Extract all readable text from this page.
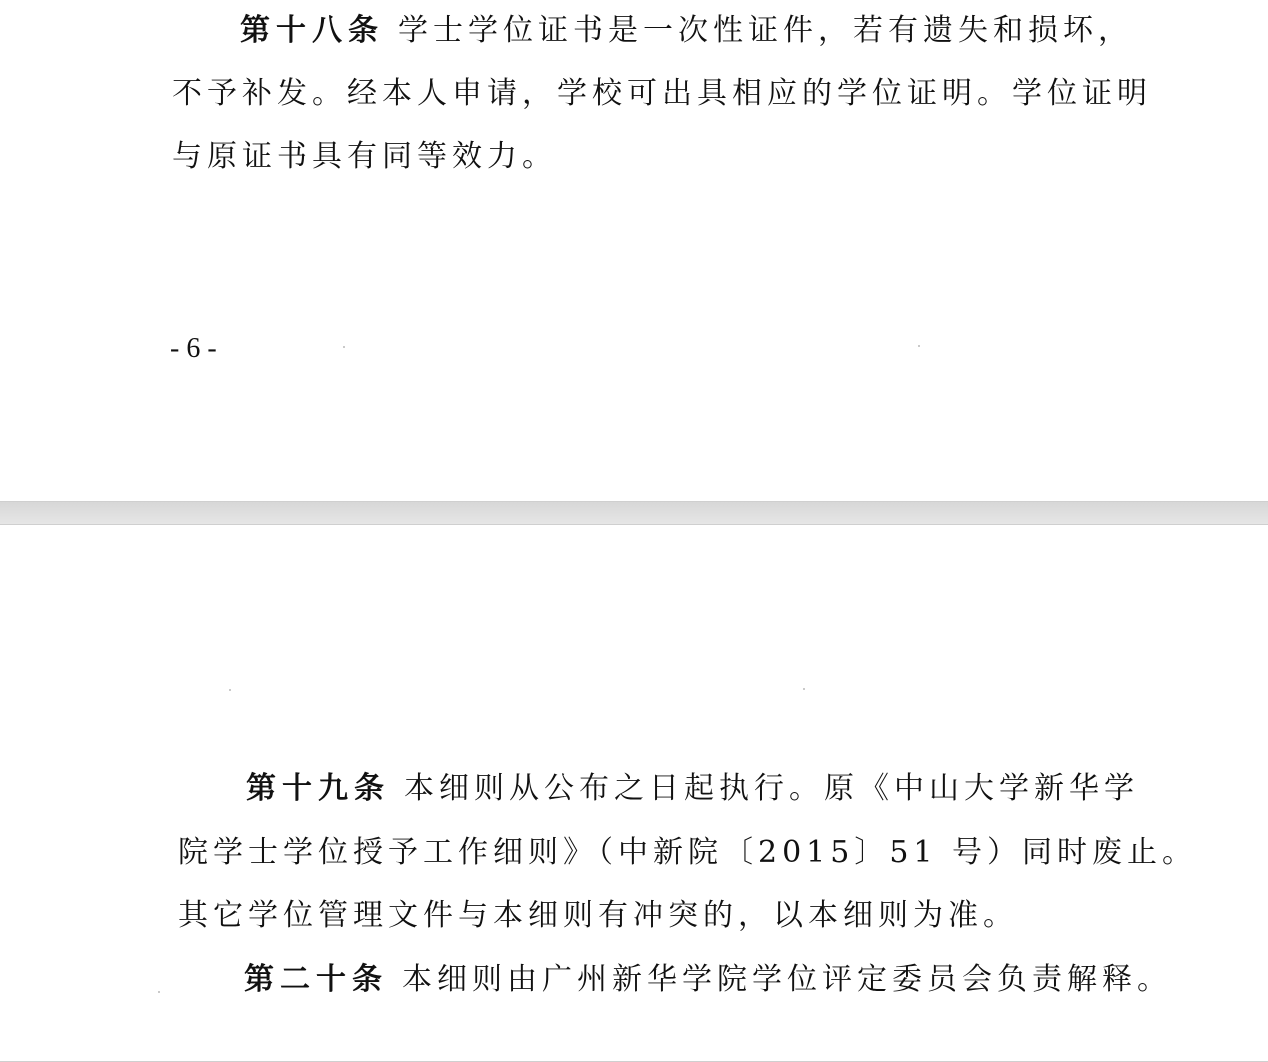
第十八条 学士学位证书是一次性证件，若有遗失和损坏，
不予补发。经本人申请，学校可出具相应的学位证明。学位证明
与原证书具有同等效力。
- 6 -
第十九条 本细则从公布之日起执行。原《中山大学新华学
院学士学位授予工作细则》（中新院〔2015〕51 号）同时废止。
其它学位管理文件与本细则有冲突的，以本细则为准。
第二十条 本细则由广州新华学院学位评定委员会负责解释。
